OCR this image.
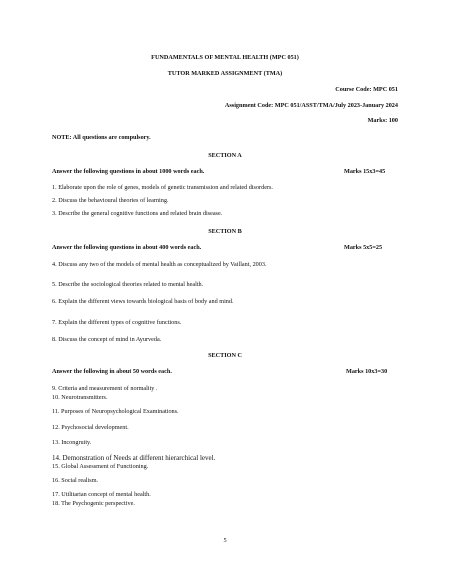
FUNDAMENTALS OF MENTAL HEALTH (MPC 051)
TUTOR MARKED ASSIGNMENT (TMA)
Course Code: MPC 051
Assignment Code: MPC 051/ASST/TMA/July 2023-January 2024
Marks: 100
NOTE: All questions are compulsory.
SECTION A
Answer the following questions in about 1000 words each.	Marks 15x3=45
1. Elaborate upon the role of genes, models of genetic transmission and related disorders.
2. Discuss the behavioural theories of learning.
3. Describe the general cognitive functions and related brain disease.
SECTION B
Answer the following questions in about 400 words each.	Marks 5x5=25
4. Discuss any two of the models of mental health as conceptualized by Vaillant, 2003.
5. Describe the sociological theories related to mental health.
6. Explain the different views towards biological basis of body and mind.
7. Explain the different types of cognitive functions.
8. Discuss the concept of mind in Ayurveda.
SECTION C
Answer the following in about 50 words each.	Marks 10x3=30
9. Criteria and measurement of normality .
10. Neurotransmitters.
11. Purposes of Neuropsychological Examinations.
12. Psychosocial development.
13. Incongruity.
14. Demonstration of Needs at different hierarchical level.
15. Global Assessment of Functioning.
16. Social realism.
17. Utilitarian concept of mental health.
18. The Psychogenic perspective.
5
